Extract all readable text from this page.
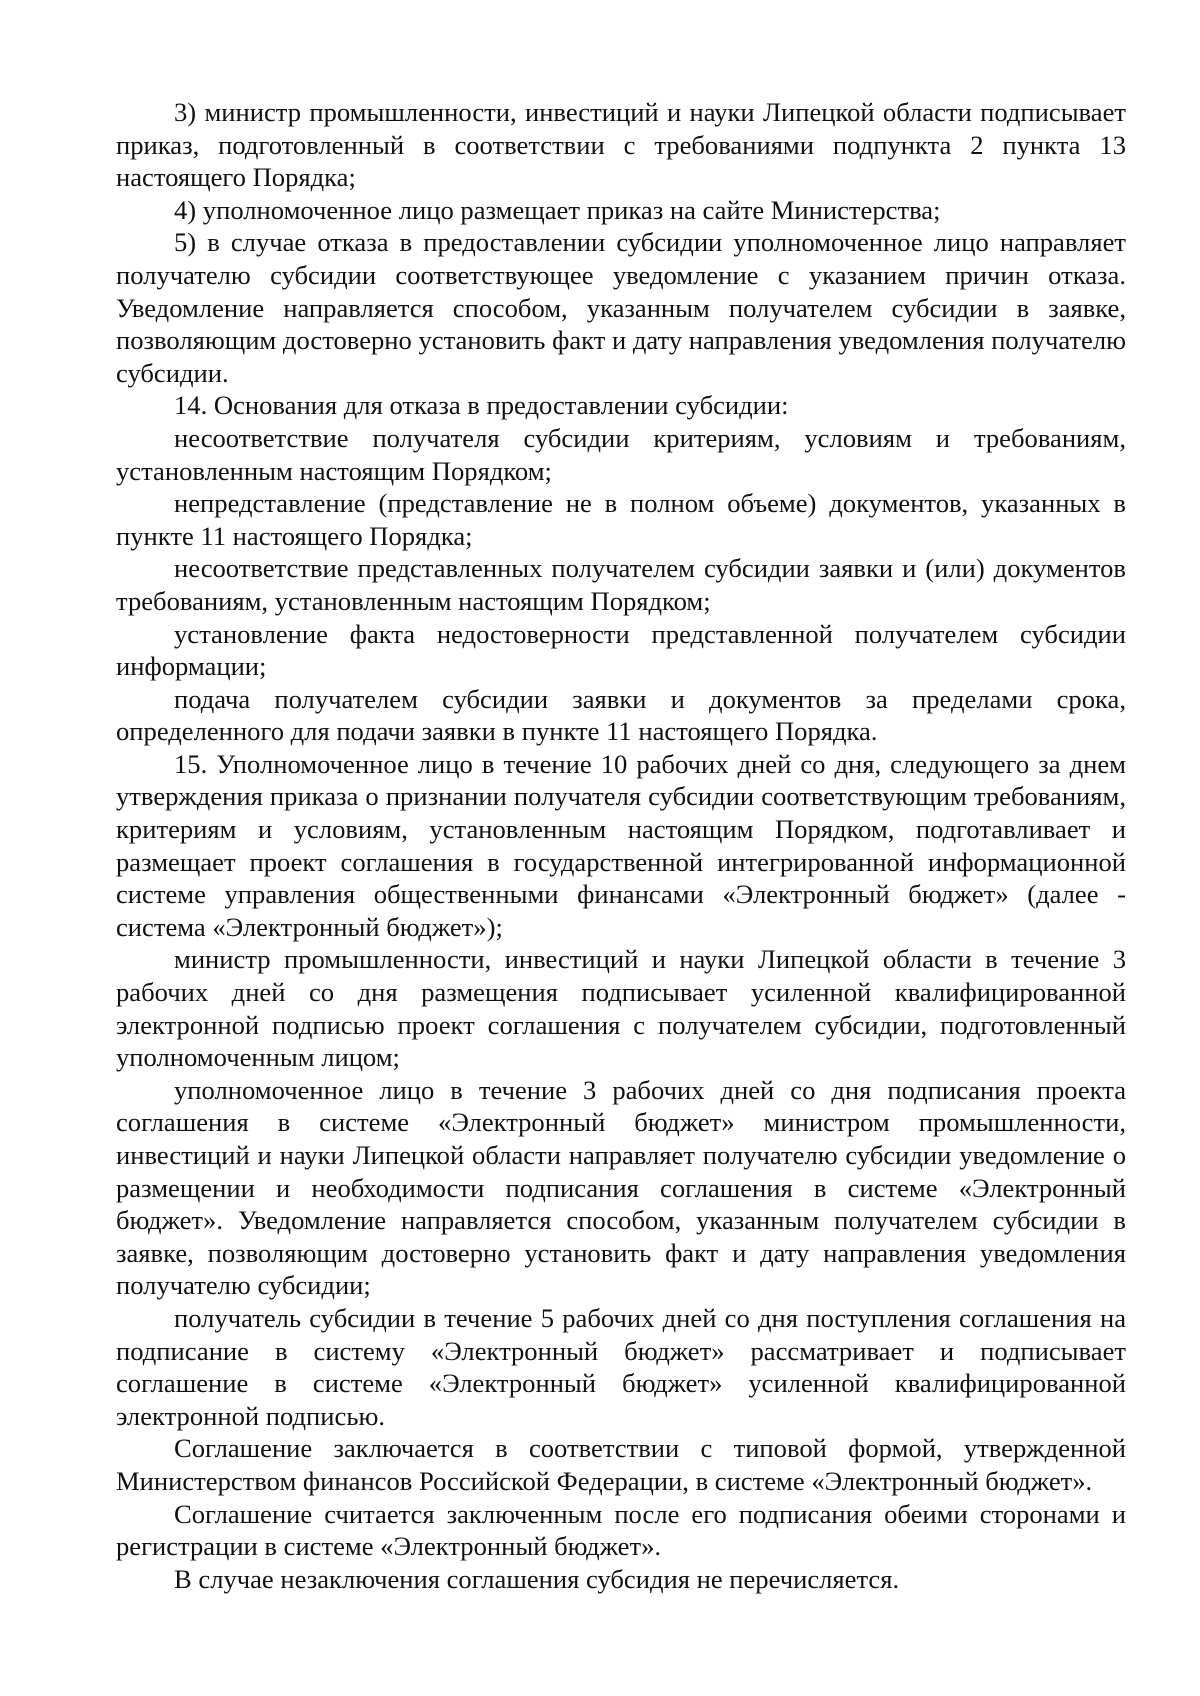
3) министр промышленности, инвестиций и науки Липецкой области подписывает приказ, подготовленный в соответствии с требованиями подпункта 2 пункта 13 настоящего Порядка;

4) уполномоченное лицо размещает приказ на сайте Министерства;

5) в случае отказа в предоставлении субсидии уполномоченное лицо направляет получателю субсидии соответствующее уведомление с указанием причин отказа. Уведомление направляется способом, указанным получателем субсидии в заявке, позволяющим достоверно установить факт и дату направления уведомления получателю субсидии.

14. Основания для отказа в предоставлении субсидии:

несоответствие получателя субсидии критериям, условиям и требованиям, установленным настоящим Порядком;

непредставление (представление не в полном объеме) документов, указанных в пункте 11 настоящего Порядка;

несоответствие представленных получателем субсидии заявки и (или) документов требованиям, установленным настоящим Порядком;

установление факта недостоверности представленной получателем субсидии информации;

подача получателем субсидии заявки и документов за пределами срока, определенного для подачи заявки в пункте 11 настоящего Порядка.

15. Уполномоченное лицо в течение 10 рабочих дней со дня, следующего за днем утверждения приказа о признании получателя субсидии соответствующим требованиям, критериям и условиям, установленным настоящим Порядком, подготавливает и размещает проект соглашения в государственной интегрированной информационной системе управления общественными финансами «Электронный бюджет» (далее - система «Электронный бюджет»);

министр промышленности, инвестиций и науки Липецкой области в течение 3 рабочих дней со дня размещения подписывает усиленной квалифицированной электронной подписью проект соглашения с получателем субсидии, подготовленный уполномоченным лицом;

уполномоченное лицо в течение 3 рабочих дней со дня подписания проекта соглашения в системе «Электронный бюджет» министром промышленности, инвестиций и науки Липецкой области направляет получателю субсидии уведомление о размещении и необходимости подписания соглашения в системе «Электронный бюджет». Уведомление направляется способом, указанным получателем субсидии в заявке, позволяющим достоверно установить факт и дату направления уведомления получателю субсидии;

получатель субсидии в течение 5 рабочих дней со дня поступления соглашения на подписание в систему «Электронный бюджет» рассматривает и подписывает соглашение в системе «Электронный бюджет» усиленной квалифицированной электронной подписью.

Соглашение заключается в соответствии с типовой формой, утвержденной Министерством финансов Российской Федерации, в системе «Электронный бюджет».

Соглашение считается заключенным после его подписания обеими сторонами и регистрации в системе «Электронный бюджет».

В случае незаключения соглашения субсидия не перечисляется.
